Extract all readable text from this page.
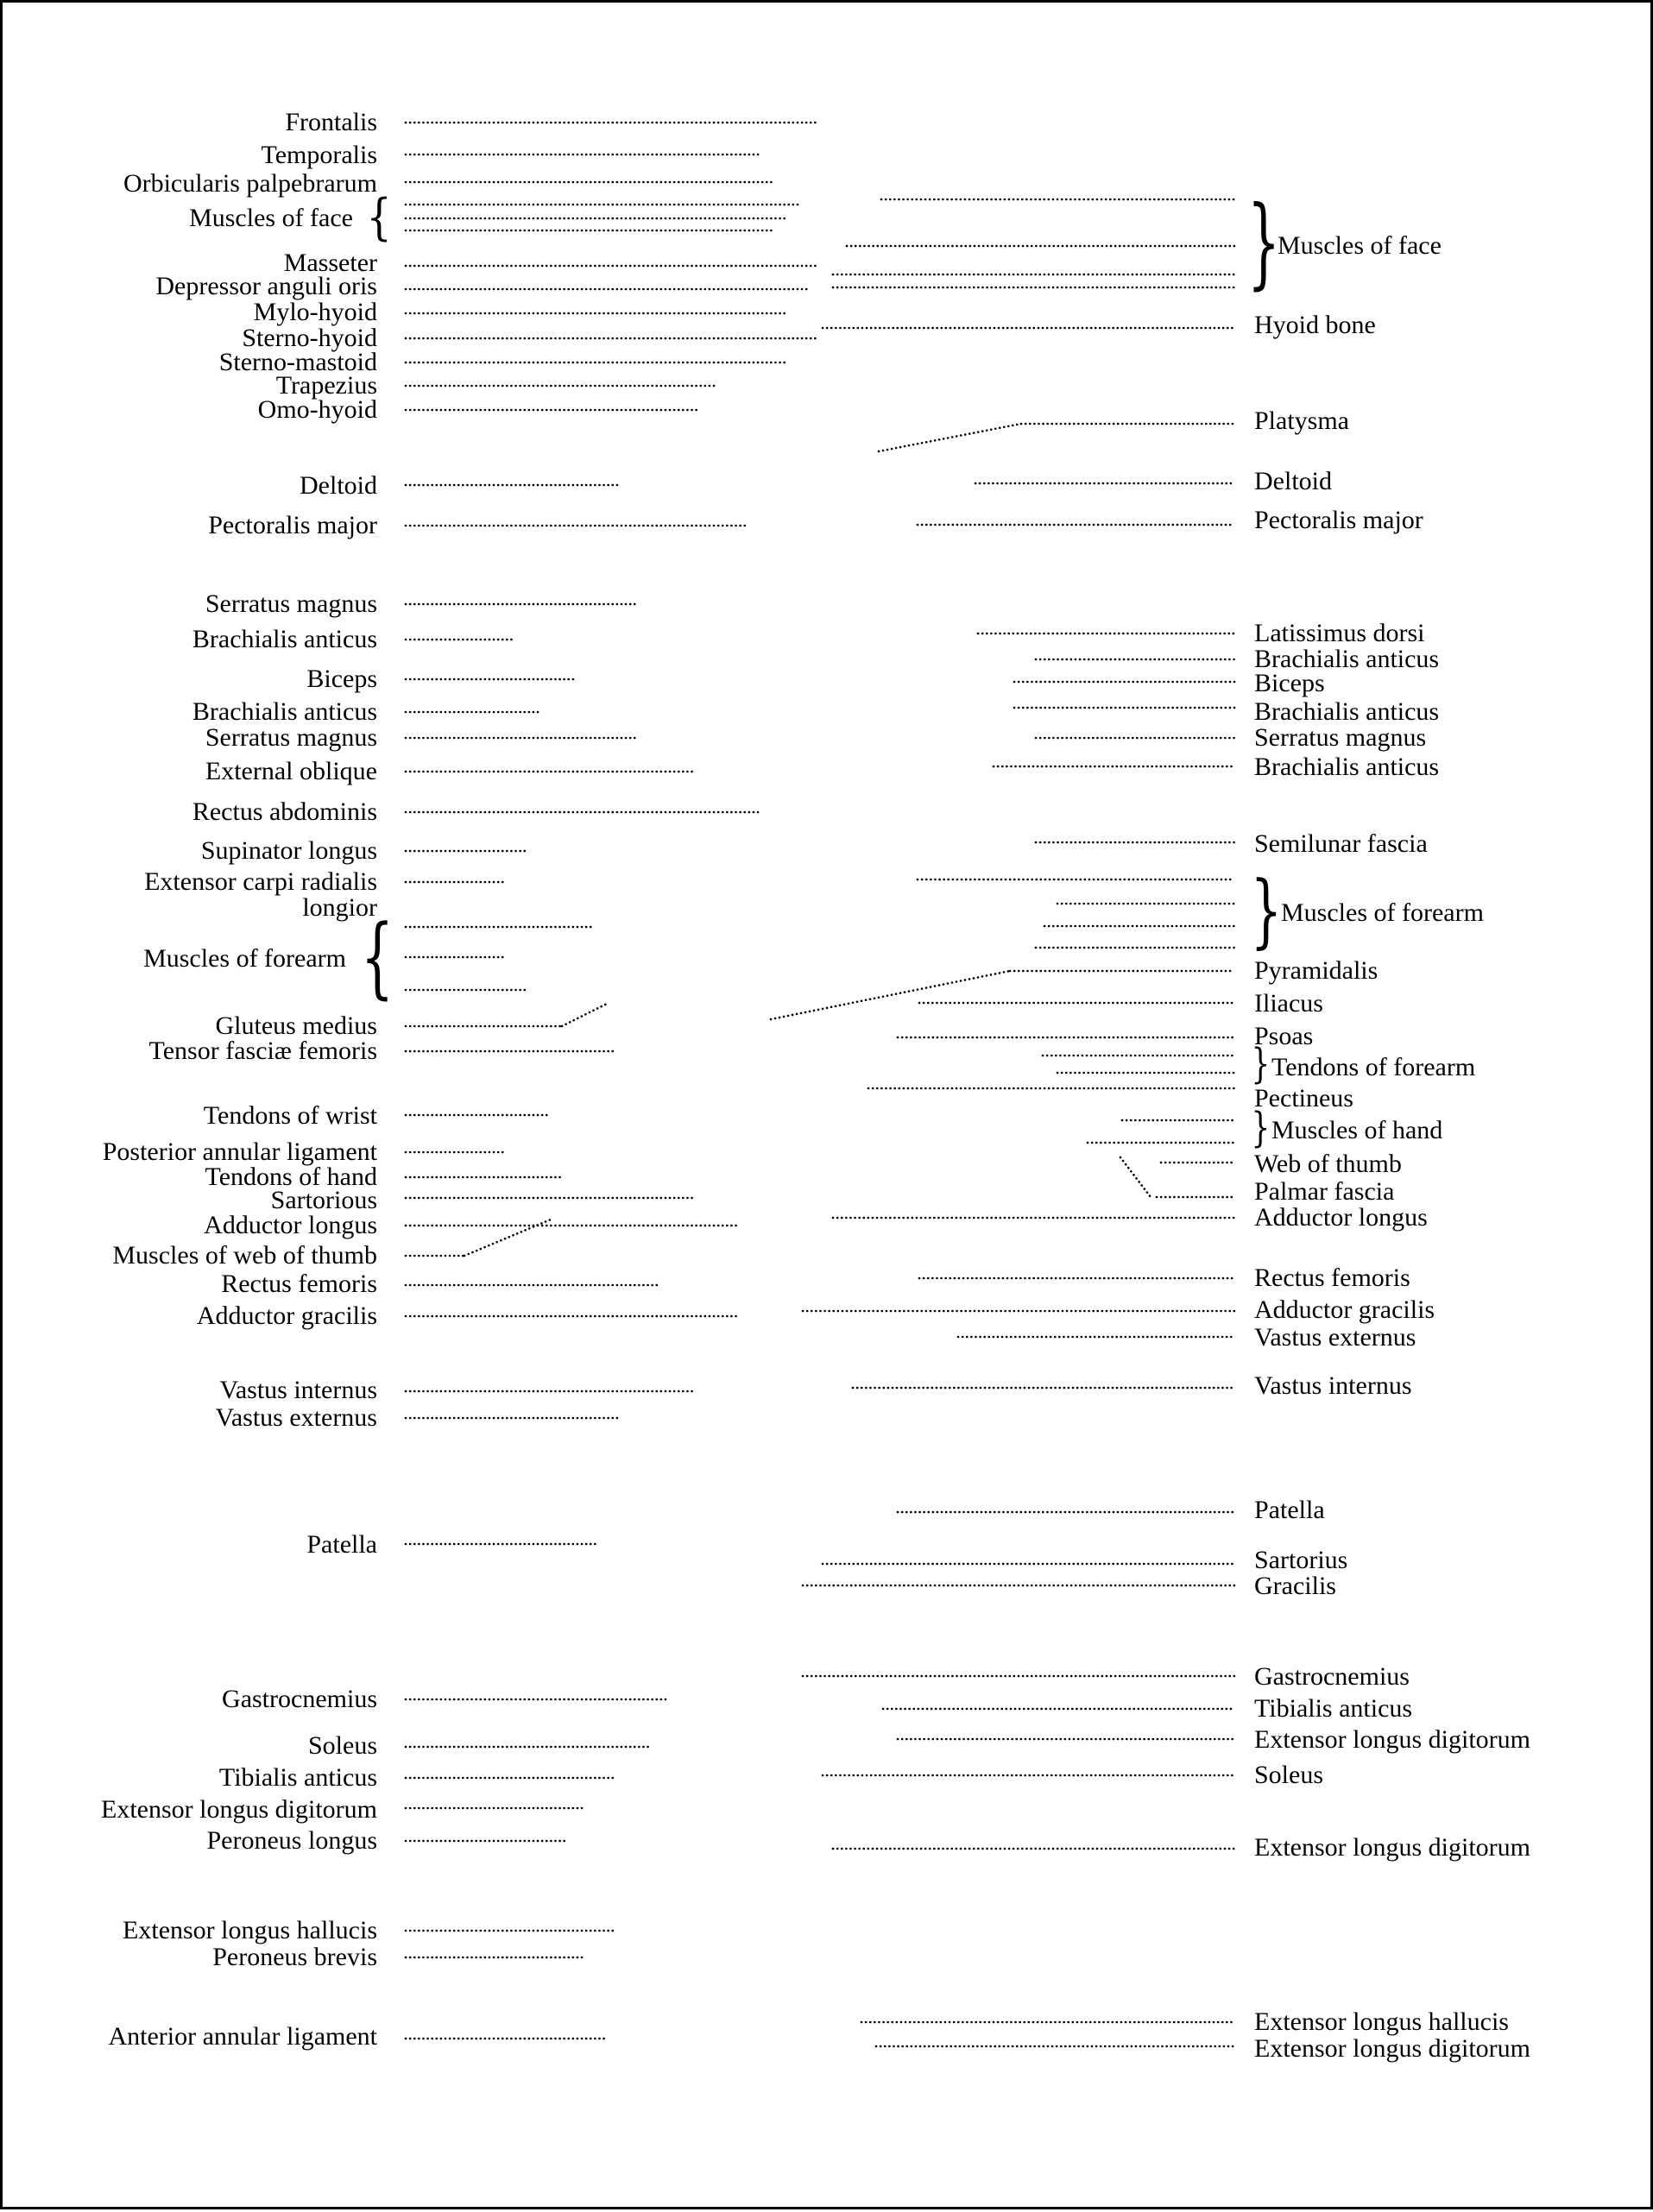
Frontalis
Temporalis
Orbicularis palpebrarum
Muscles of face
Masseter
Depressor anguli oris
Mylo-hyoid
Sterno-hyoid
Sterno-mastoid
Trapezius
Omo-hyoid
Deltoid
Pectoralis major
Serratus magnus
Brachialis anticus
Biceps
Brachialis anticus
Serratus magnus
External oblique
Rectus abdominis
Supinator longus
Extensor carpi radialis
longior
Muscles of forearm
Gluteus medius
Tensor fasciæ femoris
Tendons of wrist
Posterior annular ligament
Tendons of hand
Sartorious
Adductor longus
Muscles of web of thumb
Rectus femoris
Adductor gracilis
Vastus internus
Vastus externus
Patella
Gastrocnemius
Soleus
Tibialis anticus
Extensor longus digitorum
Peroneus longus
Extensor longus hallucis
Peroneus brevis
Anterior annular ligament
Muscles of face
Hyoid bone
Platysma
Deltoid
Pectoralis major
Latissimus dorsi
Brachialis anticus
Biceps
Brachialis anticus
Serratus magnus
Brachialis anticus
Semilunar fascia
Muscles of forearm
Pyramidalis
Iliacus
Psoas
Tendons of forearm
Pectineus
Muscles of hand
Web of thumb
Palmar fascia
Adductor longus
Rectus femoris
Adductor gracilis
Vastus externus
Vastus internus
Patella
Sartorius
Gracilis
Gastrocnemius
Tibialis anticus
Extensor longus digitorum
Soleus
Extensor longus digitorum
Extensor longus hallucis
Extensor longus digitorum
{	}
{	}
}
}
